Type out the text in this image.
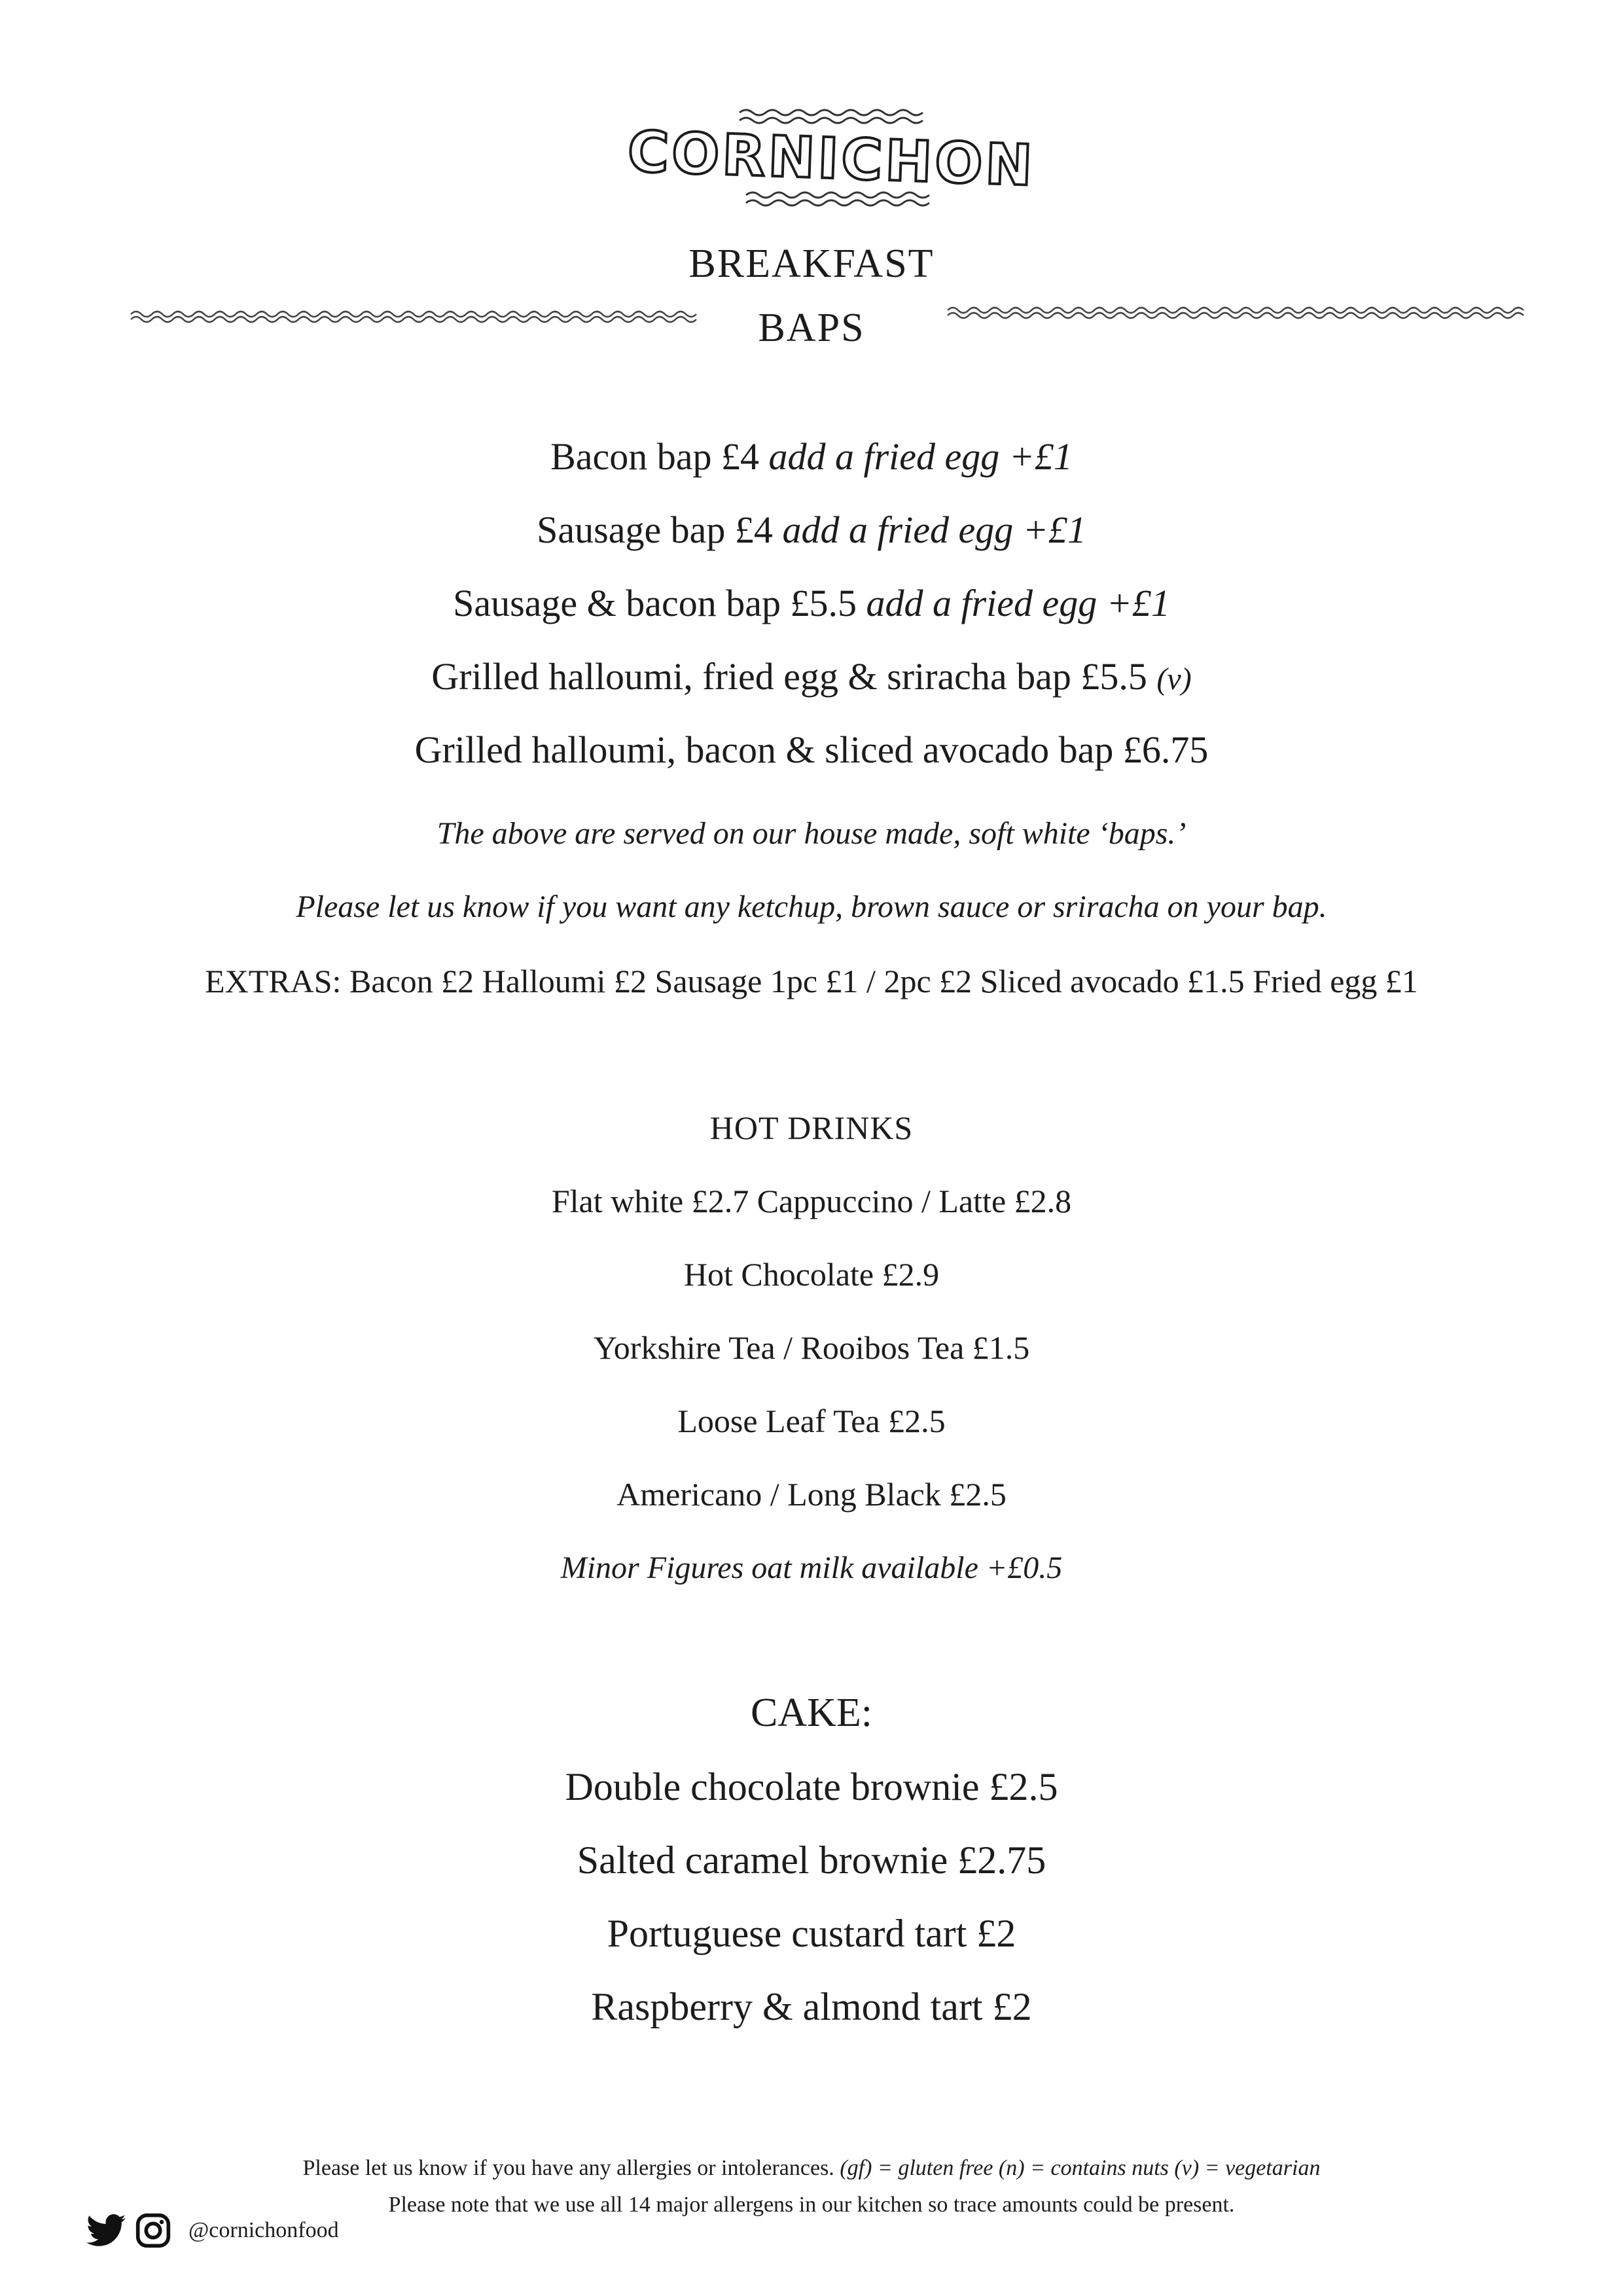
CORNICHON
BREAKFAST
BAPS
Bacon bap £4 add a fried egg +£1
Sausage bap £4 add a fried egg +£1
Sausage & bacon bap £5.5 add a fried egg +£1
Grilled halloumi, fried egg & sriracha bap £5.5 (v)
Grilled halloumi, bacon & sliced avocado bap £6.75
The above are served on our house made, soft white ‘baps.’
Please let us know if you want any ketchup, brown sauce or sriracha on your bap.
EXTRAS: Bacon £2 Halloumi £2 Sausage 1pc £1 / 2pc £2 Sliced avocado £1.5 Fried egg £1
HOT DRINKS
Flat white £2.7 Cappuccino / Latte £2.8
Hot Chocolate £2.9
Yorkshire Tea / Rooibos Tea £1.5
Loose Leaf Tea £2.5
Americano / Long Black £2.5
Minor Figures oat milk available +£0.5
CAKE:
Double chocolate brownie £2.5
Salted caramel brownie £2.75
Portuguese custard tart £2
Raspberry & almond tart £2
Please let us know if you have any allergies or intolerances. (gf) = gluten free (n) = contains nuts (v) = vegetarian
Please note that we use all 14 major allergens in our kitchen so trace amounts could be present.
@cornichonfood
